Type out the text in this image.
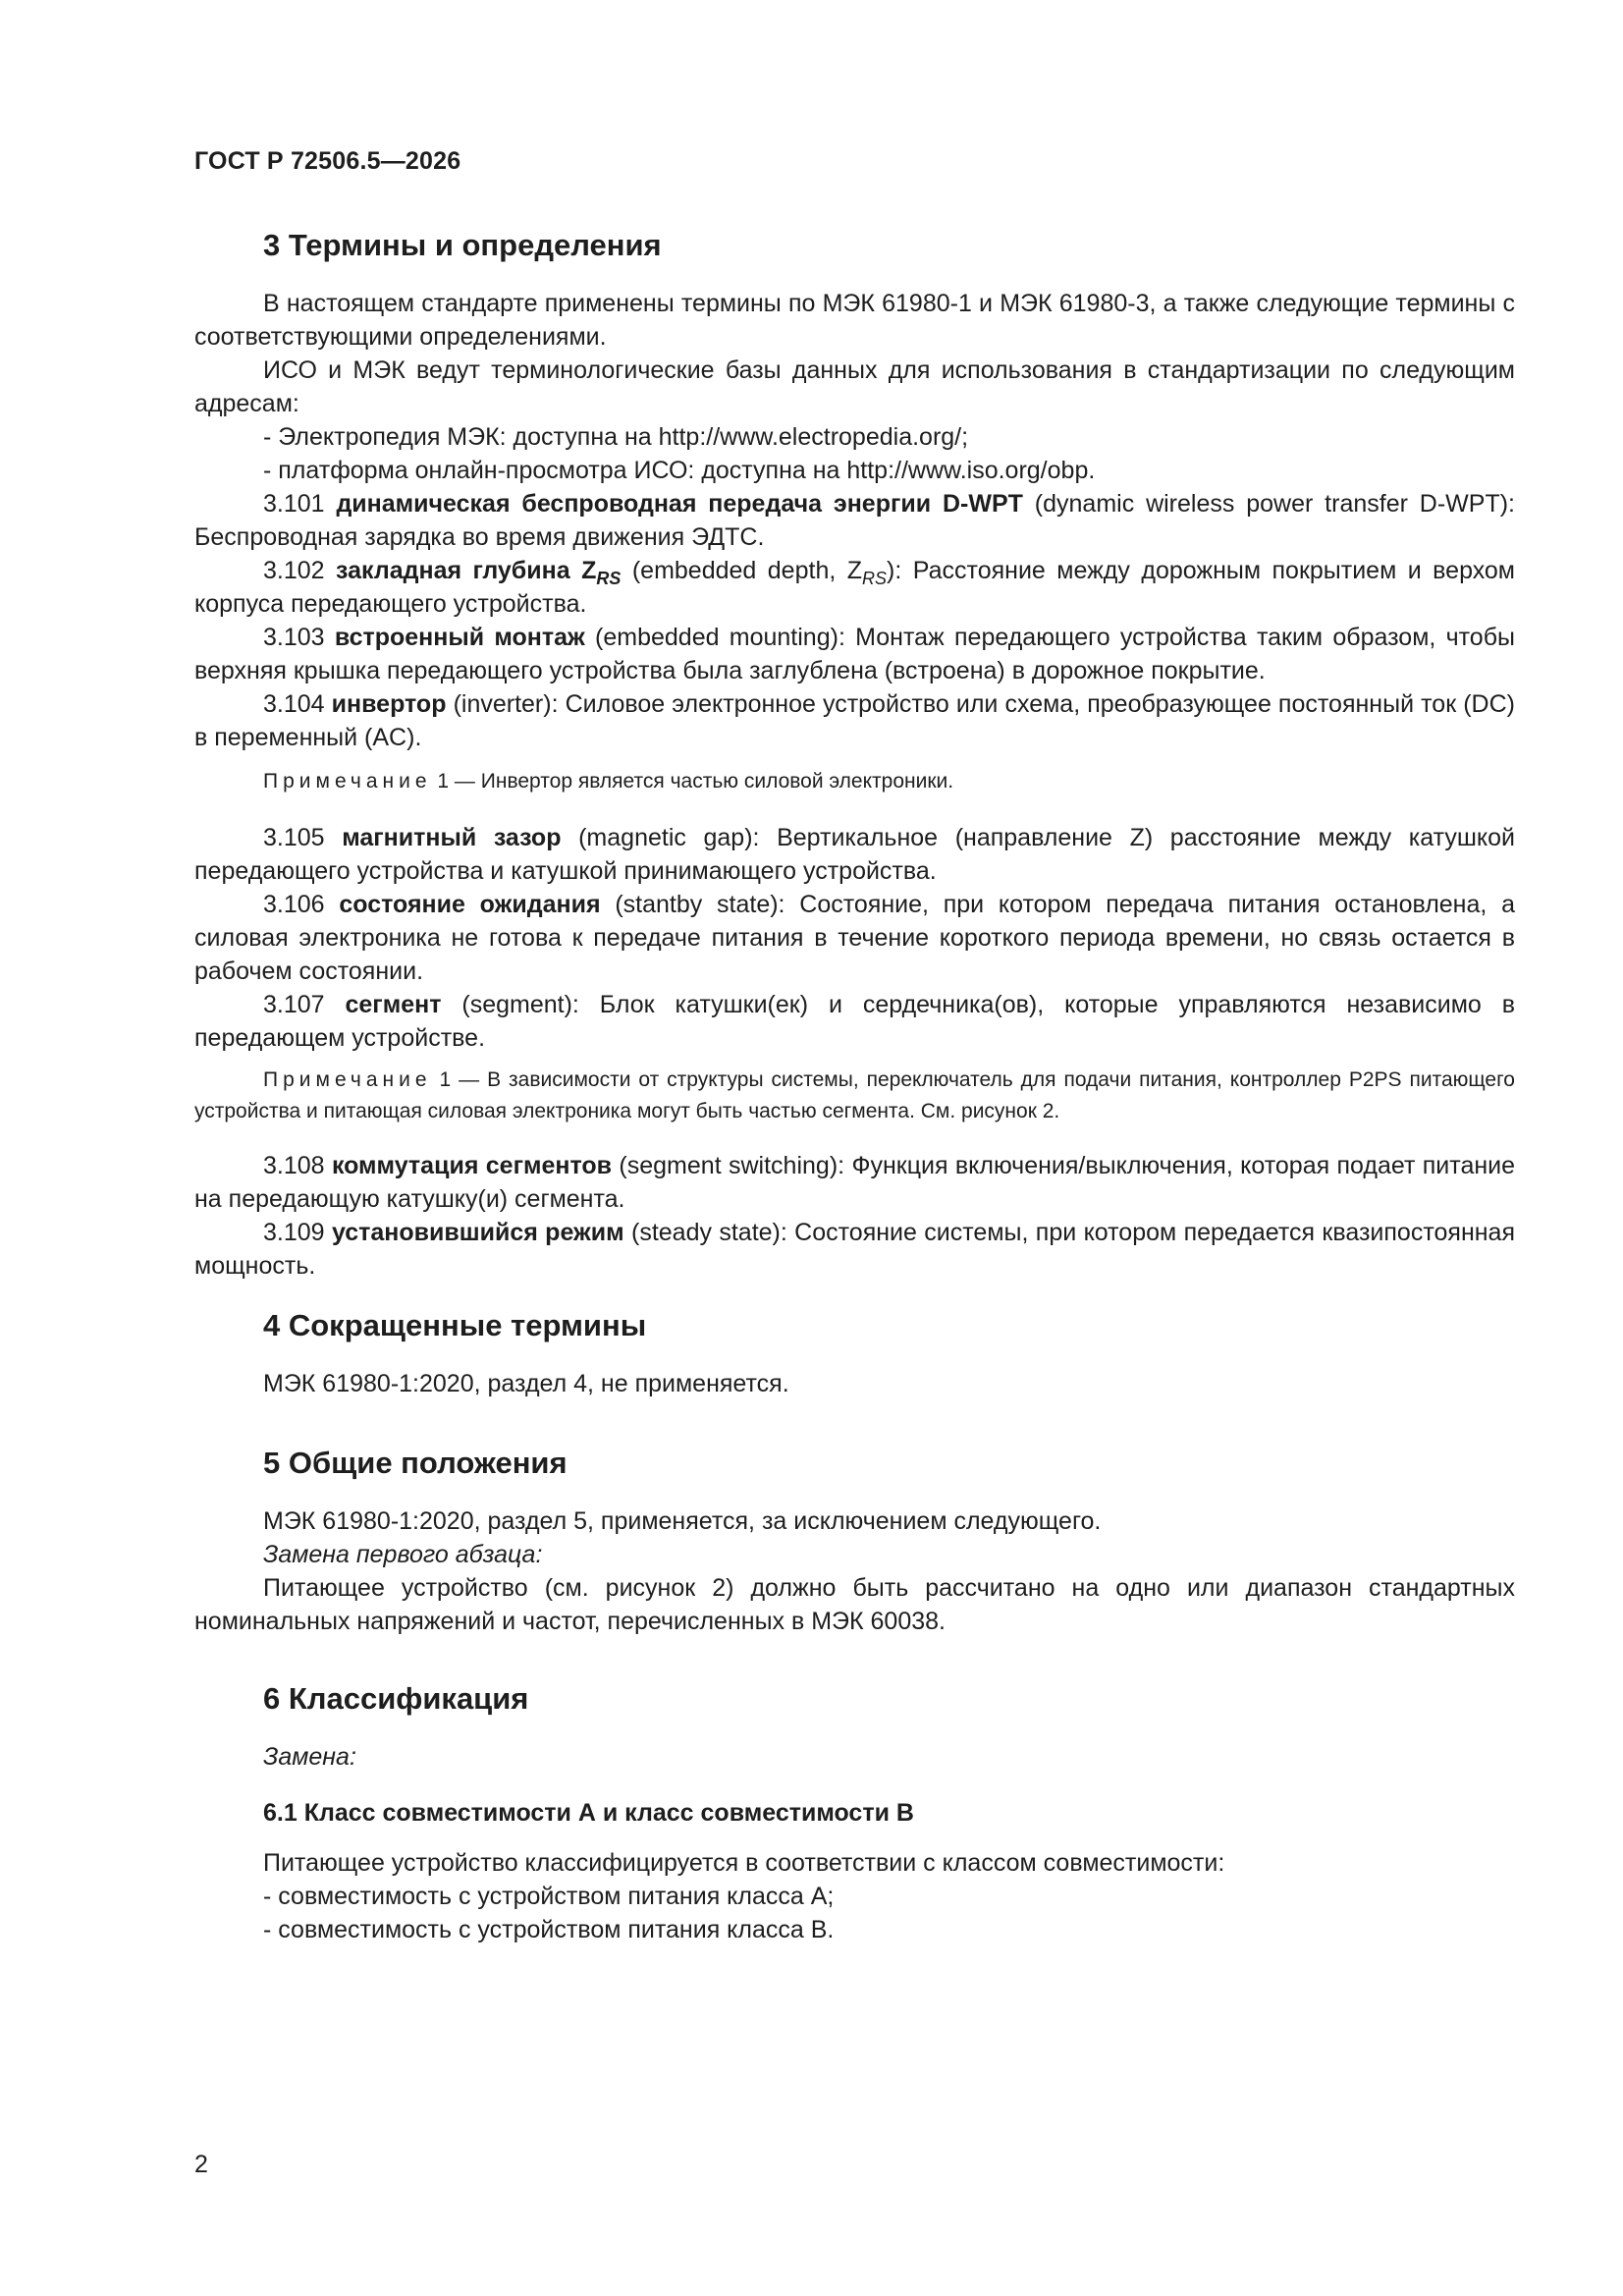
ГОСТ Р 72506.5—2026
3 Термины и определения
В настоящем стандарте применены термины по МЭК 61980-1 и МЭК 61980-3, а также следующие термины с соответствующими определениями.
ИСО и МЭК ведут терминологические базы данных для использования в стандартизации по следующим адресам:
- Электропедия МЭК: доступна на http://www.electropedia.org/;
- платформа онлайн-просмотра ИСО: доступна на http://www.iso.org/obp.
3.101 динамическая беспроводная передача энергии D-WPT (dynamic wireless power transfer D-WPT): Беспроводная зарядка во время движения ЭДТС.
3.102 закладная глубина $Z_{RS}$ (embedded depth, $Z_{RS}$): Расстояние между дорожным покрытием и верхом корпуса передающего устройства.
3.103 встроенный монтаж (embedded mounting): Монтаж передающего устройства таким образом, чтобы верхняя крышка передающего устройства была заглублена (встроена) в дорожное покрытие.
3.104 инвертор (inverter): Силовое электронное устройство или схема, преобразующее постоянный ток (DC) в переменный (AC).
Примечание 1 — Инвертор является частью силовой электроники.
3.105 магнитный зазор (magnetic gap): Вертикальное (направление Z) расстояние между катушкой передающего устройства и катушкой принимающего устройства.
3.106 состояние ожидания (stantby state): Состояние, при котором передача питания остановлена, а силовая электроника не готова к передаче питания в течение короткого периода времени, но связь остается в рабочем состоянии.
3.107 сегмент (segment): Блок катушки(ек) и сердечника(ов), которые управляются независимо в передающем устройстве.
Примечание 1 — В зависимости от структуры системы, переключатель для подачи питания, контроллер P2PS питающего устройства и питающая силовая электроника могут быть частью сегмента. См. рисунок 2.
3.108 коммутация сегментов (segment switching): Функция включения/выключения, которая подает питание на передающую катушку(и) сегмента.
3.109 установившийся режим (steady state): Состояние системы, при котором передается квазипостоянная мощность.
4 Сокращенные термины
МЭК 61980-1:2020, раздел 4, не применяется.
5 Общие положения
МЭК 61980-1:2020, раздел 5, применяется, за исключением следующего.
Замена первого абзаца:
Питающее устройство (см. рисунок 2) должно быть рассчитано на одно или диапазон стандартных номинальных напряжений и частот, перечисленных в МЭК 60038.
6 Классификация
Замена:
6.1 Класс совместимости А и класс совместимости В
Питающее устройство классифицируется в соответствии с классом совместимости:
- совместимость с устройством питания класса А;
- совместимость с устройством питания класса В.
2
